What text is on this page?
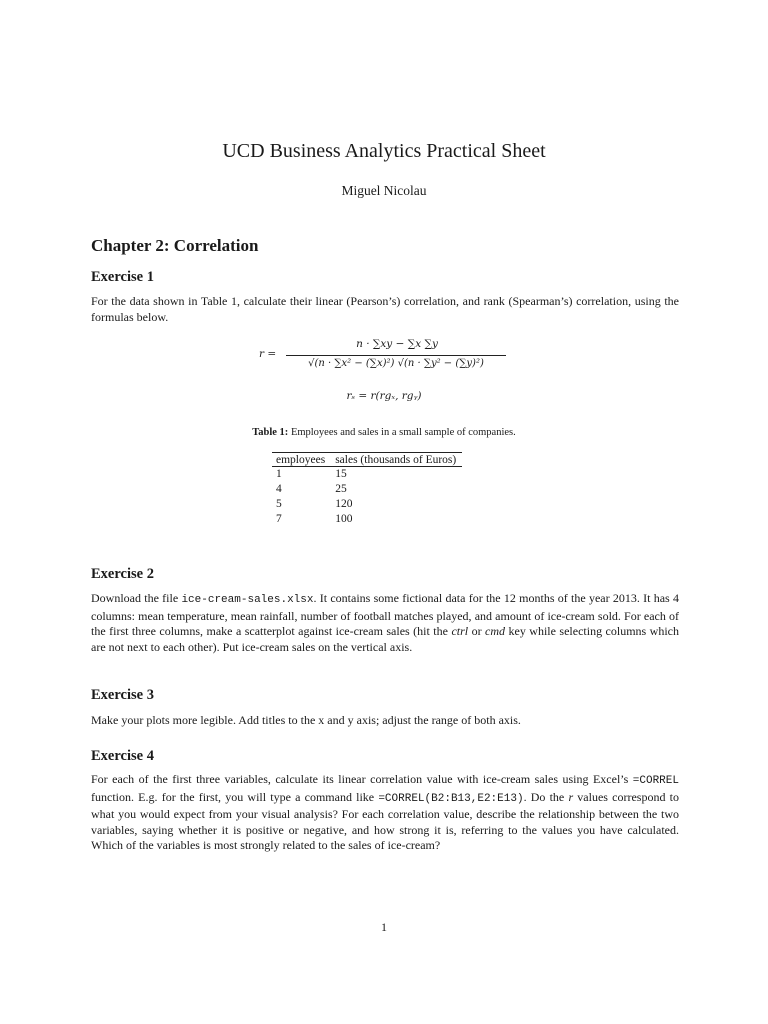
UCD Business Analytics Practical Sheet
Miguel Nicolau
Chapter 2: Correlation
Exercise 1
For the data shown in Table 1, calculate their linear (Pearson’s) correlation, and rank (Spearman’s) correlation, using the formulas below.
r =
n · ∑xy − ∑x ∑y
√(n · ∑x² − (∑x)²) √(n · ∑y² − (∑y)²)
rₛ = r(rgₓ, rgᵧ)
Table 1: Employees and sales in a small sample of companies.
employees	sales (thousands of Euros)
1	15
4	25
5	120
7	100
Exercise 2
Download the file ice-cream-sales.xlsx. It contains some fictional data for the 12 months of the year 2013. It has 4 columns: mean temperature, mean rainfall, number of football matches played, and amount of ice-cream sold. For each of the first three columns, make a scatterplot against ice-cream sales (hit the ctrl or cmd key while selecting columns which are not next to each other). Put ice-cream sales on the vertical axis.
Exercise 3
Make your plots more legible. Add titles to the x and y axis; adjust the range of both axis.
Exercise 4
For each of the first three variables, calculate its linear correlation value with ice-cream sales using Excel’s =CORREL function. E.g. for the first, you will type a command like =CORREL(B2:B13,E2:E13). Do the r values correspond to what you would expect from your visual analysis? For each correlation value, describe the relationship between the two variables, saying whether it is positive or negative, and how strong it is, referring to the values you have calculated. Which of the variables is most strongly related to the sales of ice-cream?
1
